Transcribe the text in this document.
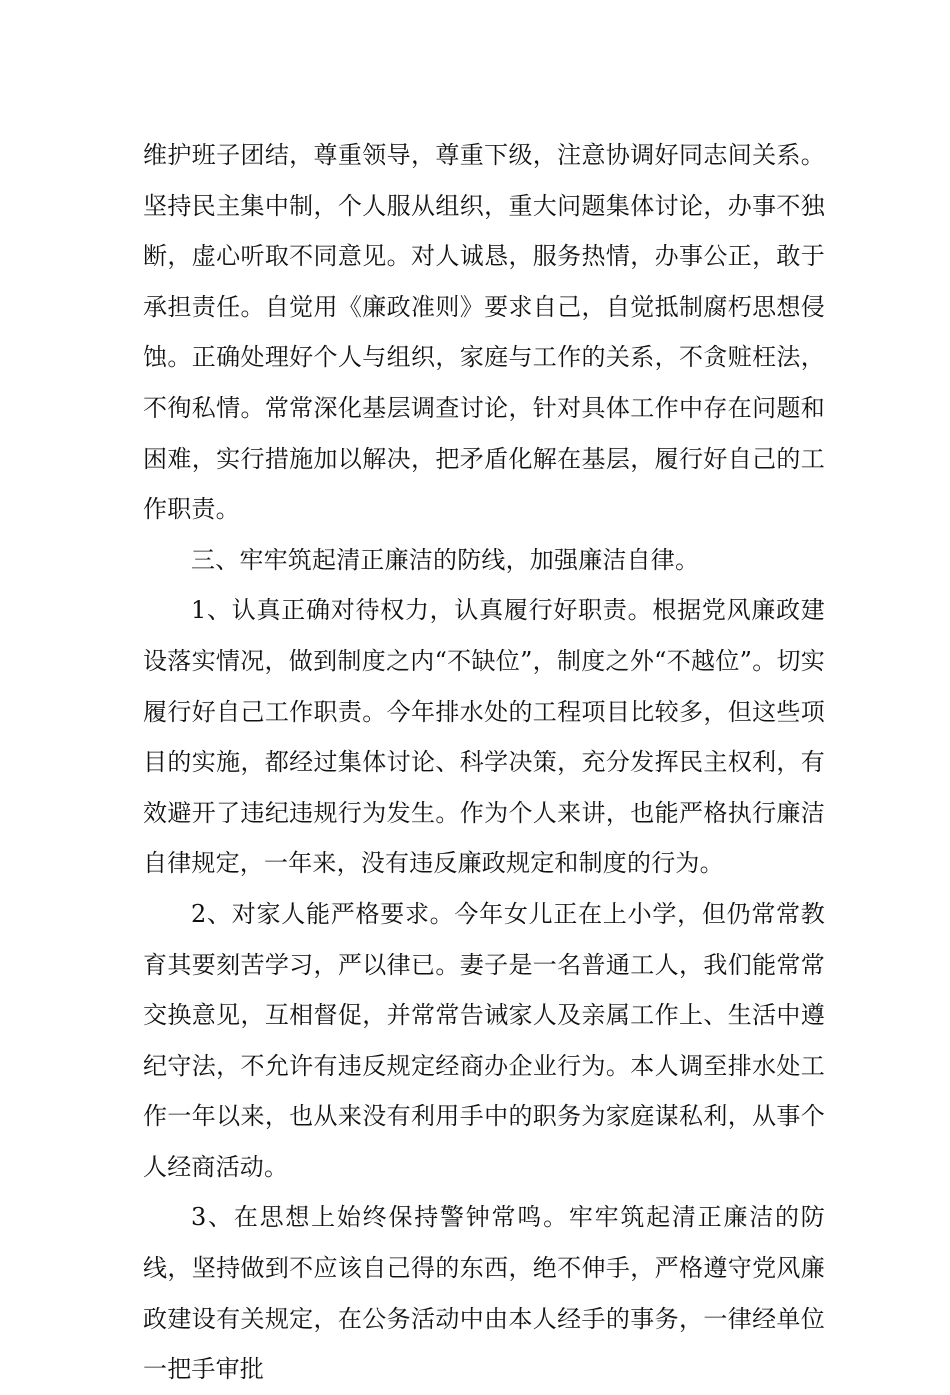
维护班子团结，尊重领导，尊重下级，注意协调好同志间关系。坚持民主集中制，个人服从组织，重大问题集体讨论，办事不独断，虚心听取不同意见。对人诚恳，服务热情，办事公正，敢于承担责任。自觉用《廉政准则》要求自己，自觉抵制腐朽思想侵蚀。正确处理好个人与组织，家庭与工作的关系，不贪赃枉法，不徇私情。常常深化基层调查讨论，针对具体工作中存在问题和困难，实行措施加以解决，把矛盾化解在基层，履行好自己的工作职责。

三、牢牢筑起清正廉洁的防线，加强廉洁自律。

1、认真正确对待权力，认真履行好职责。根据党风廉政建设落实情况，做到制度之内“不缺位”，制度之外“不越位”。切实履行好自己工作职责。今年排水处的工程项目比较多，但这些项目的实施，都经过集体讨论、科学决策，充分发挥民主权利，有效避开了违纪违规行为发生。作为个人来讲，也能严格执行廉洁自律规定，一年来，没有违反廉政规定和制度的行为。

2、对家人能严格要求。今年女儿正在上小学，但仍常常教育其要刻苦学习，严以律已。妻子是一名普通工人，我们能常常交换意见，互相督促，并常常告诫家人及亲属工作上、生活中遵纪守法，不允许有违反规定经商办企业行为。本人调至排水处工作一年以来，也从来没有利用手中的职务为家庭谋私利，从事个人经商活动。

3、在思想上始终保持警钟常鸣。牢牢筑起清正廉洁的防线，坚持做到不应该自己得的东西，绝不伸手，严格遵守党风廉政建设有关规定，在公务活动中由本人经手的事务，一律经单位一把手审批
